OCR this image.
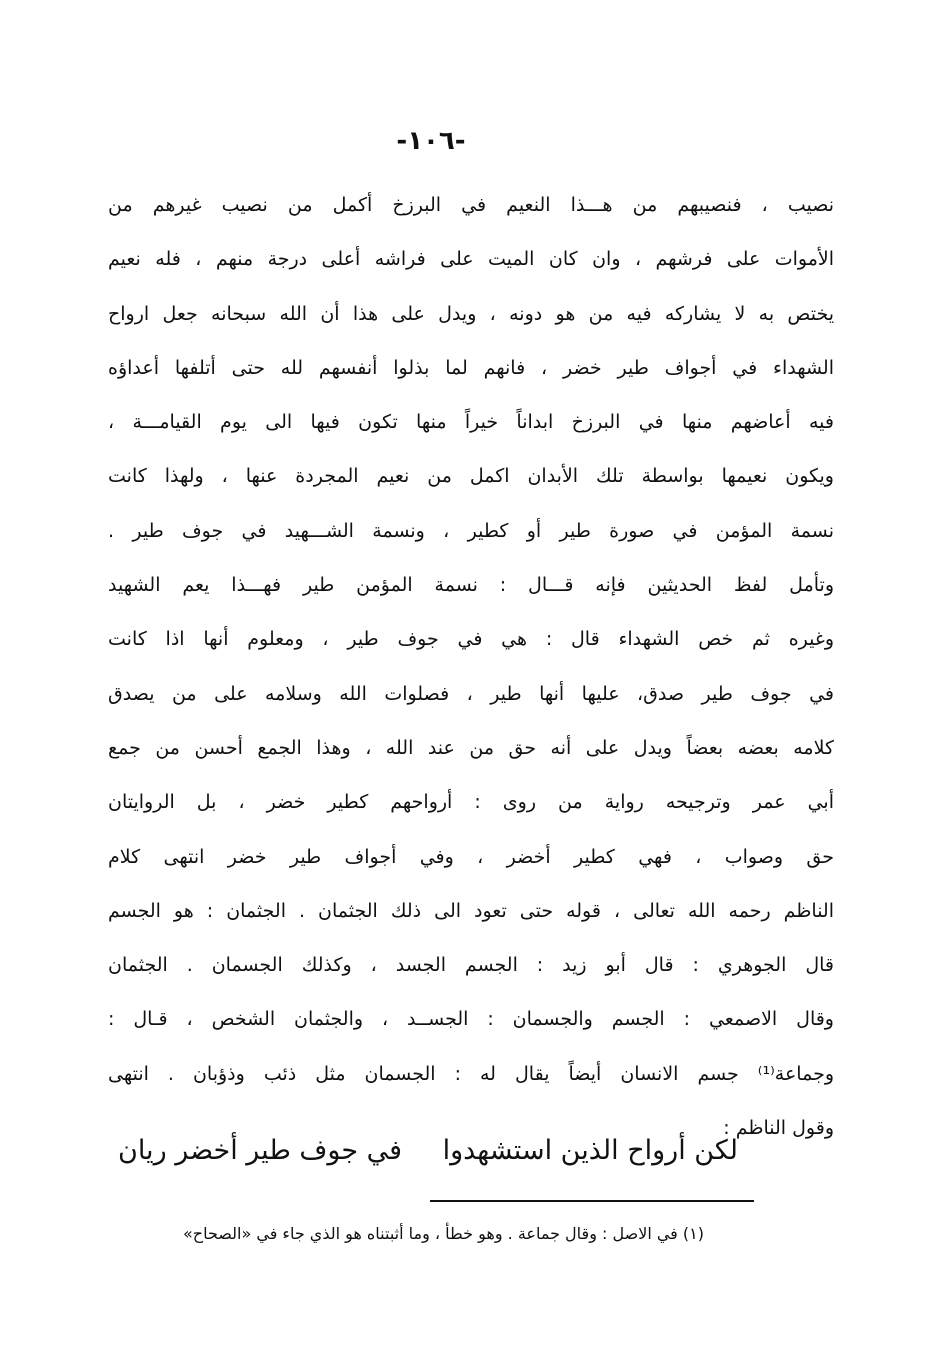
-١٠٦-
نصيب ، فنصيبهم من هـــذا النعيم في البرزخ أكمل من نصيب غيرهم من
الأموات على فرشهم ، وان كان الميت على فراشه أعلى درجة منهم ، فله نعيم
يختص به لا يشاركه فيه من هو دونه ، ويدل على هذا أن الله سبحانه جعل ارواح
الشهداء في أجواف طير خضر ، فانهم لما بذلوا أنفسهم لله حتى أتلفها أعداؤه
فيه أعاضهم منها في البرزخ ابداناً خيراً منها تكون فيها الى يوم القيامـــة ،
ويكون نعيمها بواسطة تلك الأبدان اكمل من نعيم المجردة عنها ، ولهذا كانت
نسمة المؤمن في صورة طير أو كطير ، ونسمة الشـــهيد في جوف طير .
وتأمل لفظ الحديثين فإنه قـــال : نسمة المؤمن طير فهـــذا يعم الشهيد
وغيره ثم خص الشهداء قال : هي في جوف طير ، ومعلوم أنها اذا كانت
في جوف طير صدق، عليها أنها طير ، فصلوات الله وسلامه على من يصدق
كلامه بعضه بعضاً ويدل على أنه حق من عند الله ، وهذا الجمع أحسن من جمع
أبي عمر وترجيحه رواية من روى : أرواحهم كطير خضر ، بل الروايتان
حق وصواب ، فهي كطير أخضر ، وفي أجواف طير خضر انتهى كلام
الناظم رحمه الله تعالى ، قوله حتى تعود الى ذلك الجثمان . الجثمان : هو الجسم
قال الجوهري : قال أبو زيد : الجسم الجسد ، وكذلك الجسمان . الجثمان
وقال الاصمعي : الجسم والجسمان : الجســد ، والجثمان الشخص ، قـال :
وجماعة⁽¹⁾ جسم الانسان أيضاً يقال له : الجسمان مثل ذئب وذؤبان . انتهى
وقول الناظم :
لكن أرواح الذين استشهدوا
في جوف طير أخضر ريان
(١) في الاصل : وقال جماعة . وهو خطأ ، وما أثبتناه هو الذي جاء في «الصحاح»
